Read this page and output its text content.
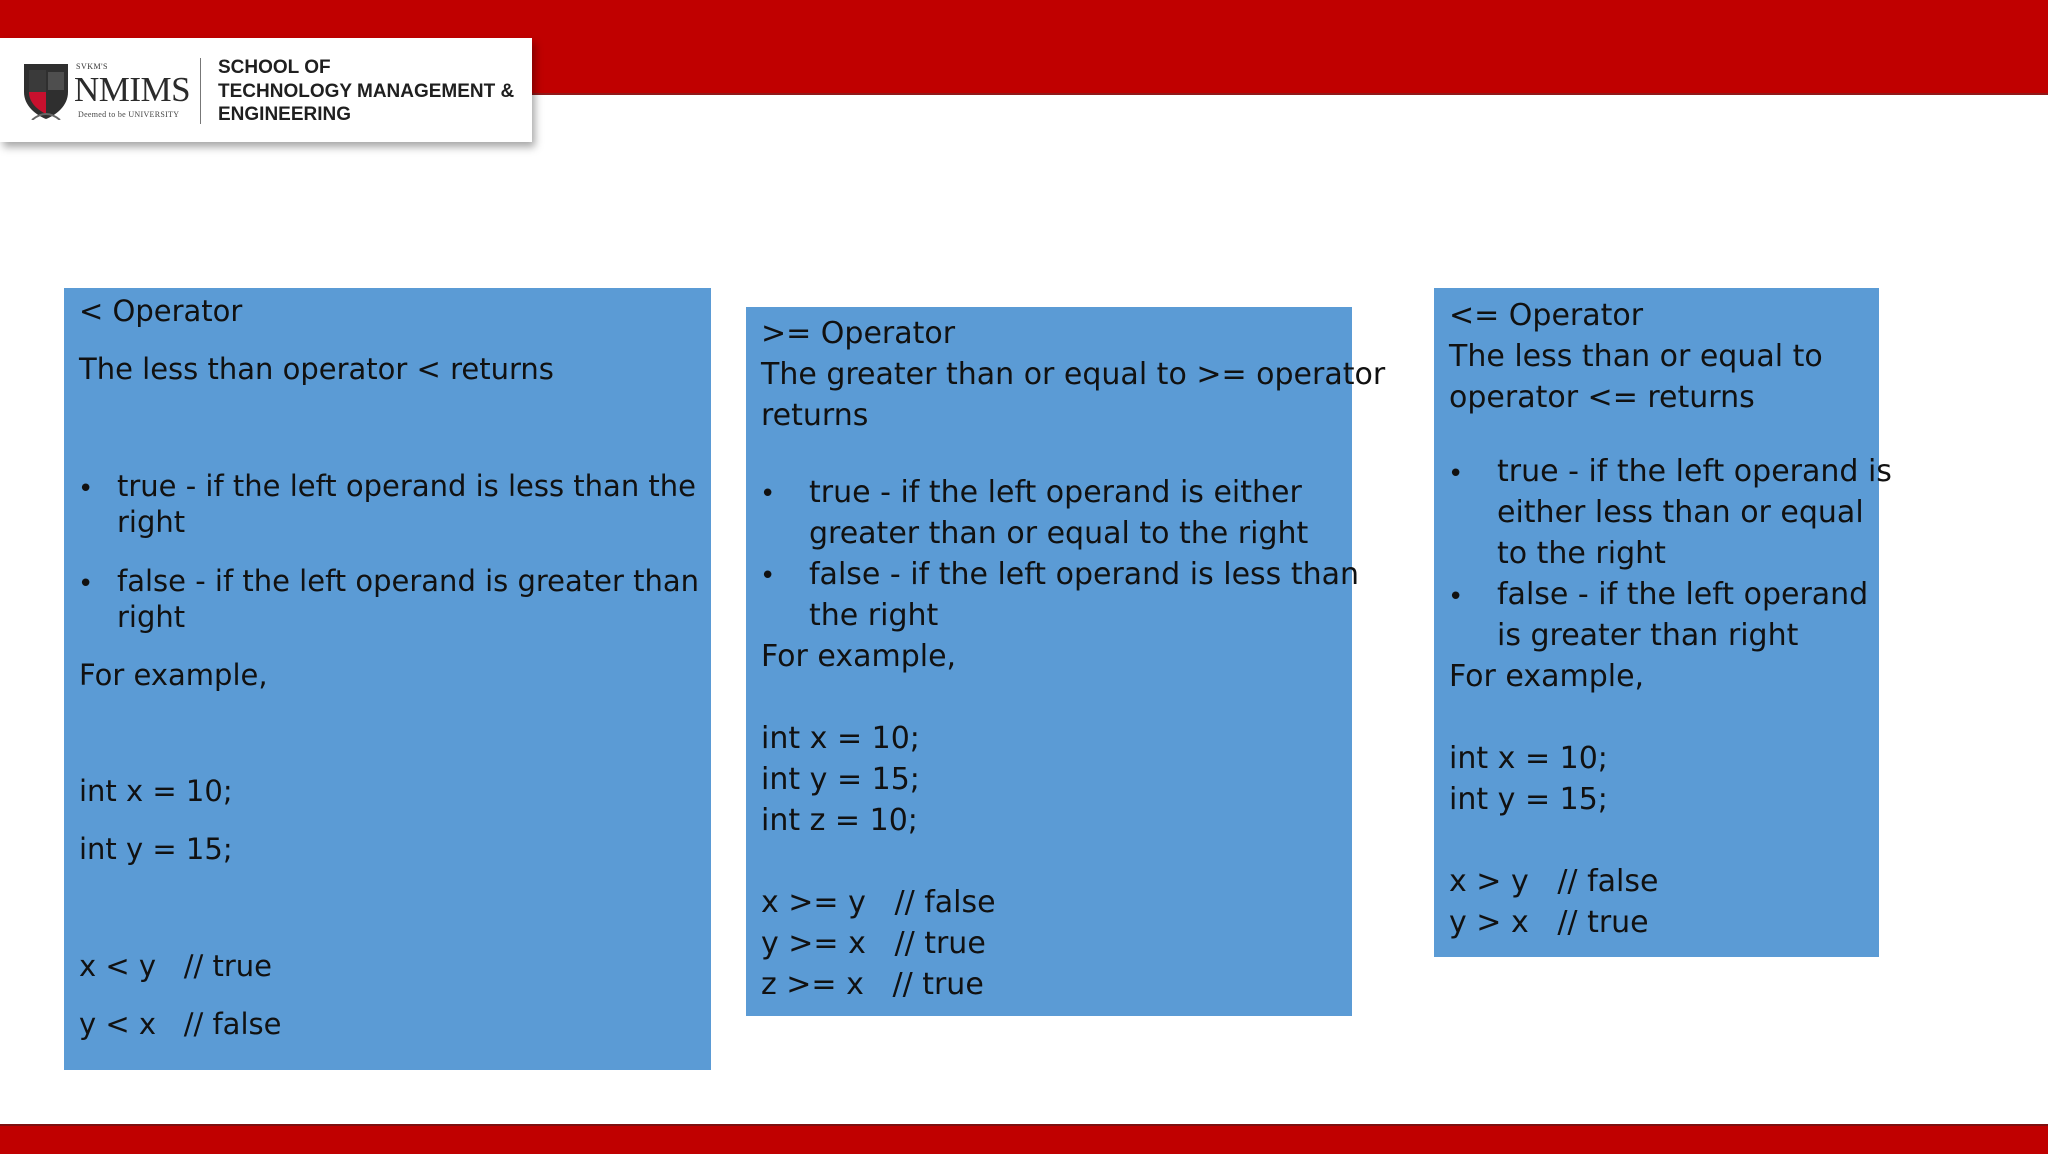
SVKM'S
NMIMS
Deemed to be UNIVERSITY
SCHOOL OF
TECHNOLOGY MANAGEMENT &
ENGINEERING
< Operator
The less than operator < returns
• true - if the left operand is less than the
right
• false - if the left operand is greater than
right
For example,
int x = 10;
int y = 15;
x < y   // true
y < x   // false
>= Operator
The greater than or equal to >= operator
returns
• true - if the left operand is either
greater than or equal to the right
• false - if the left operand is less than
the right
For example,
int x = 10;
int y = 15;
int z = 10;
x >= y   // false
y >= x   // true
z >= x   // true
<= Operator
The less than or equal to
operator <= returns
• true - if the left operand is
either less than or equal
to the right
• false - if the left operand
is greater than right
For example,
int x = 10;
int y = 15;
x > y   // false
y > x   // true
